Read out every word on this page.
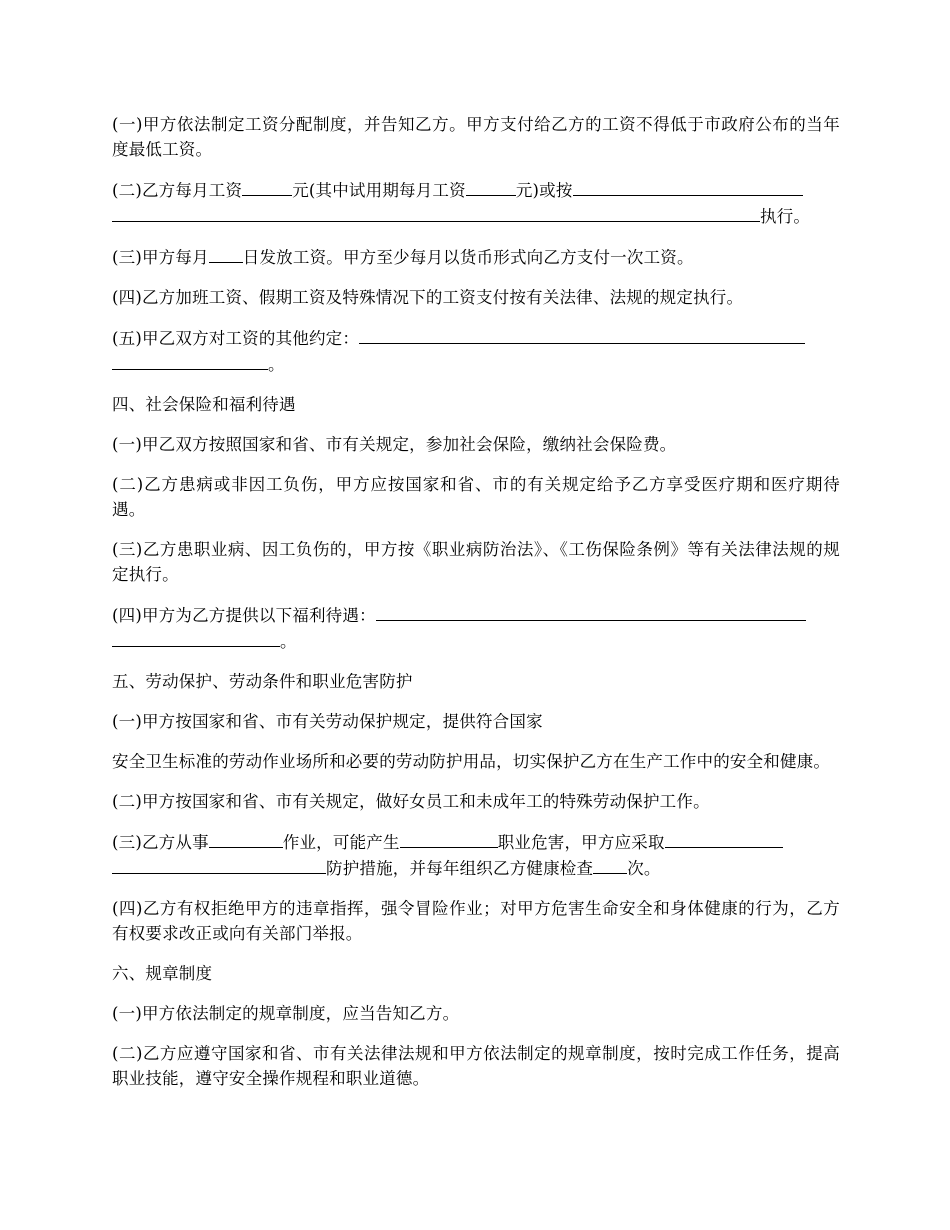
(一)甲方依法制定工资分配制度，并告知乙方。甲方支付给乙方的工资不得低于市政府公布的当年度最低工资。

(二)乙方每月工资	元(其中试用期每月工资	元)或按
执行。

(三)甲方每月 日发放工资。甲方至少每月以货币形式向乙方支付一次工资。

(四)乙方加班工资、假期工资及特殊情况下的工资支付按有关法律、法规的规定执行。

(五)甲乙双方对工资的其他约定：
。

四、社会保险和福利待遇

(一)甲乙双方按照国家和省、市有关规定，参加社会保险，缴纳社会保险费。

(二)乙方患病或非因工负伤，甲方应按国家和省、市的有关规定给予乙方享受医疗期和医疗期待遇。

(三)乙方患职业病、因工负伤的，甲方按《职业病防治法》、《工伤保险条例》等有关法律法规的规定执行。

(四)甲方为乙方提供以下福利待遇：
。

五、劳动保护、劳动条件和职业危害防护

(一)甲方按国家和省、市有关劳动保护规定，提供符合国家

安全卫生标准的劳动作业场所和必要的劳动防护用品，切实保护乙方在生产工作中的安全和健康。

(二)甲方按国家和省、市有关规定，做好女员工和未成年工的特殊劳动保护工作。

(三)乙方从事	作业，可能产生	职业危害，甲方应采取
防护措施，并每年组织乙方健康检查 次。

(四)乙方有权拒绝甲方的违章指挥，强令冒险作业；对甲方危害生命安全和身体健康的行为，乙方有权要求改正或向有关部门举报。

六、规章制度

(一)甲方依法制定的规章制度，应当告知乙方。

(二)乙方应遵守国家和省、市有关法律法规和甲方依法制定的规章制度，按时完成工作任务，提高职业技能，遵守安全操作规程和职业道德。
